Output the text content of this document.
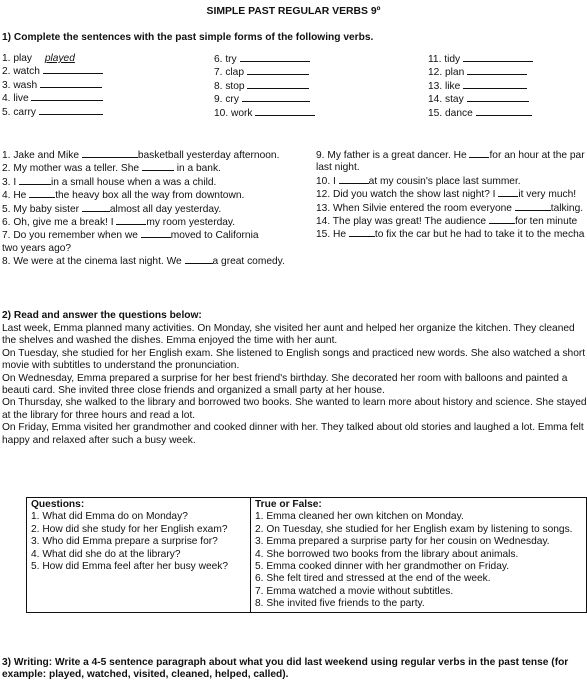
SIMPLE PAST REGULAR VERBS 9º
1) Complete the sentences with the past simple forms of the following verbs.
1. play played
2. watch
3. wash
4. live
5. carry
6. try
7. clap
8. stop
9. cry
10. work
11. tidy
12. plan
13. like
14. stay
15. dance
1. Jake and Mike	basketball yesterday afternoon.
2. My mother was a teller. She	in a bank.
3. I	in a small house when a was a child.
4. He	the heavy box all the way from downtown.
5. My baby sister	almost all day yesterday.
6. Oh, give me a break! I	my room yesterday.
7. Do you remember when we	moved to California
two years ago?
8. We were at the cinema last night. We	a great comedy.
9. My father is a great dancer. He for an hour at the par
last night.
10. I	at my cousin's place last summer.
12. Did you watch the show last night? I it very much!
13. When Silvie entered the room everyone	talking.
14. The play was great! The audience	for ten minute
15. He	to fix the car but he had to take it to the mecha
2) Read and answer the questions below:

Last week, Emma planned many activities. On Monday, she visited her aunt and helped her organize the kitchen. They cleaned the shelves and washed the dishes. Emma enjoyed the time with her aunt.

On Tuesday, she studied for her English exam. She listened to English songs and practiced new words. She also watched a short movie with subtitles to understand the pronunciation.

On Wednesday, Emma prepared a surprise for her best friend's birthday. She decorated her room with balloons and painted a beauti card. She invited three close friends and organized a small party at her house.

On Thursday, she walked to the library and borrowed two books. She wanted to learn more about history and science. She stayed at the library for three hours and read a lot.

On Friday, Emma visited her grandmother and cooked dinner with her. They talked about old stories and laughed a lot. Emma felt happy and relaxed after such a busy week.

Questions:
1. What did Emma do on Monday?
2. How did she study for her English exam?
3. Who did Emma prepare a surprise for?
4. What did she do at the library?
5. How did Emma feel after her busy week?

True or False:
1. Emma cleaned her own kitchen on Monday.
2. On Tuesday, she studied for her English exam by listening to songs.
3. Emma prepared a surprise party for her cousin on Wednesday.
4. She borrowed two books from the library about animals.
5. Emma cooked dinner with her grandmother on Friday.
6. She felt tired and stressed at the end of the week.
7. Emma watched a movie without subtitles.
8. She invited five friends to the party.
3) Writing: Write a 4-5 sentence paragraph about what you did last weekend using regular verbs in the past tense (for example: played, watched, visited, cleaned, helped, called).
